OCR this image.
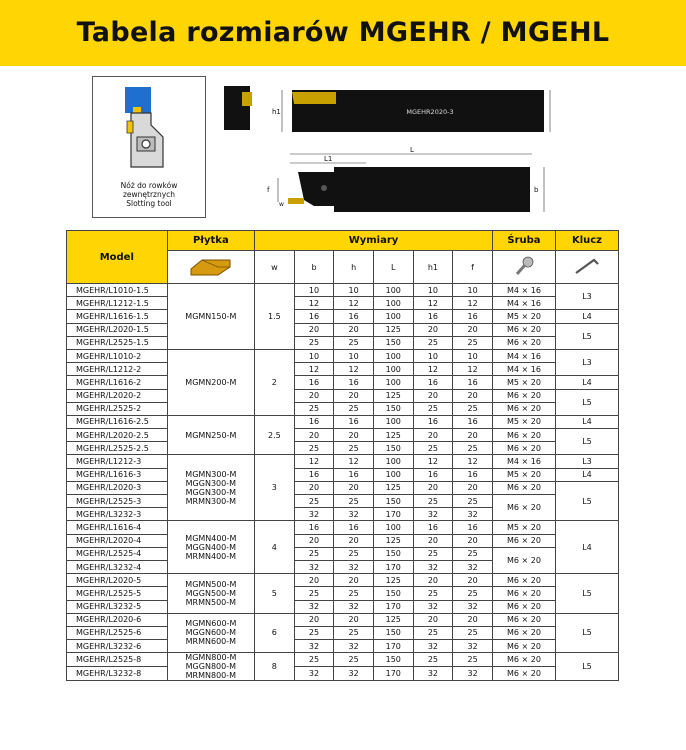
Tabela rozmiarów MGEHR / MGEHL
Nóż do rowków
zewnętrznych
Slotting tool
MGEHR2020-3
h1	h
L
L1
f
w
b
Model	Płytka	Wymiary						Śruba	Klucz
	w	b	h	L	h1	f		
MGEHR/L1010-1.5	MGMN150-M	1.5	10	10	100	10	10	M4 × 16	L3
MGEHR/L1212-1.5			12	12	100	12	12	M4 × 16	
MGEHR/L1616-1.5			16	16	100	16	16	M5 × 20	L4
MGEHR/L2020-1.5			20	20	125	20	20	M6 × 20	L5
MGEHR/L2525-1.5			25	25	150	25	25	M6 × 20	
MGEHR/L1010-2	MGMN200-M	2	10	10	100	10	10	M4 × 16	L3
MGEHR/L1212-2			12	12	100	12	12	M4 × 16	
MGEHR/L1616-2			16	16	100	16	16	M5 × 20	L4
MGEHR/L2020-2			20	20	125	20	20	M6 × 20	L5
MGEHR/L2525-2			25	25	150	25	25	M6 × 20	
MGEHR/L1616-2.5	MGMN250-M	2.5	16	16	100	16	16	M5 × 20	L4
MGEHR/L2020-2.5			20	20	125	20	20	M6 × 20	L5
MGEHR/L2525-2.5			25	25	150	25	25	M6 × 20	
MGEHR/L1212-3	MGMN300-M
MGGN300-M
MGGN300-M
MRMN300-M	3	12	12	100	12	12	M4 × 16	L3
MGEHR/L1616-3			16	16	100	16	16	M5 × 20	L4
MGEHR/L2020-3			20	20	125	20	20	M6 × 20	L5
MGEHR/L2525-3			25	25	150	25	25	M6 × 20	
MGEHR/L3232-3			32	32	170	32	32		
MGEHR/L1616-4	MGMN400-M
MGGN400-M
MRMN400-M	4	16	16	100	16	16	M5 × 20	L4
MGEHR/L2020-4			20	20	125	20	20	M6 × 20	
MGEHR/L2525-4			25	25	150	25	25	M6 × 20	
MGEHR/L3232-4			32	32	170	32	32		
MGEHR/L2020-5	MGMN500-M
MGGN500-M
MRMN500-M	5	20	20	125	20	20	M6 × 20	L5
MGEHR/L2525-5			25	25	150	25	25	M6 × 20	
MGEHR/L3232-5			32	32	170	32	32	M6 × 20	
MGEHR/L2020-6	MGMN600-M
MGGN600-M
MRMN600-M	6	20	20	125	20	20	M6 × 20	L5
MGEHR/L2525-6			25	25	150	25	25	M6 × 20	
MGEHR/L3232-6			32	32	170	32	32	M6 × 20	
MGEHR/L2525-8	MGMN800-M
MGGN800-M
MRMN800-M	8	25	25	150	25	25	M6 × 20	L5
MGEHR/L3232-8			32	32	170	32	32	M6 × 20	
